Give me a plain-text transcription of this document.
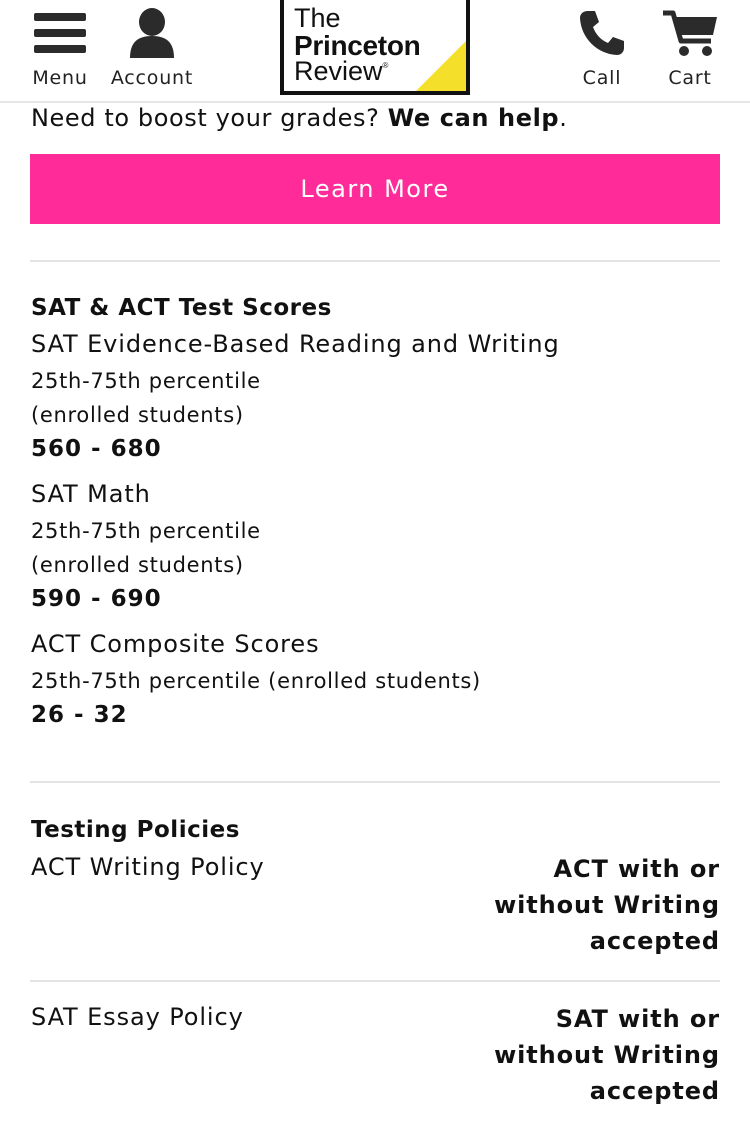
Menu Account
The
Princeton
Review®
Call Cart
Need to boost your grades? We can help.
Learn More
SAT & ACT Test Scores
SAT Evidence-Based Reading and Writing
25th-75th percentile
(enrolled students)
560 - 680
SAT Math
25th-75th percentile
(enrolled students)
590 - 690
ACT Composite Scores
25th-75th percentile (enrolled students)
26 - 32
Testing Policies
ACT Writing Policy	ACT with or
without Writing
accepted
SAT Essay Policy	SAT with or
without Writing
accepted
